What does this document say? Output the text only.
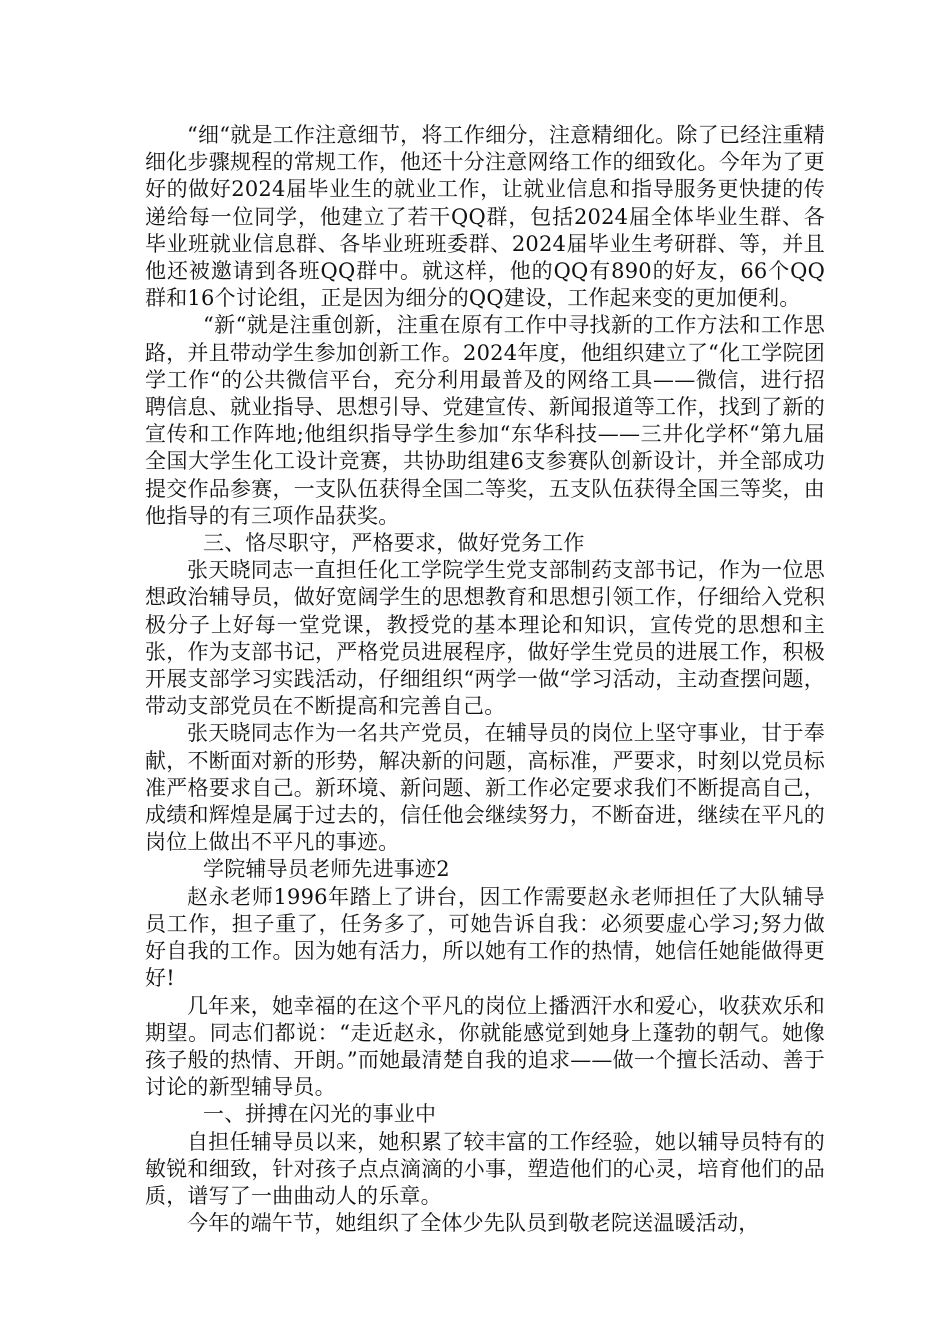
“细“就是工作注意细节，将工作细分，注意精细化。除了已经注重精细化步骤规程的常规工作，他还十分注意网络工作的细致化。今年为了更好的做好2024届毕业生的就业工作，让就业信息和指导服务更快捷的传递给每一位同学，他建立了若干QQ群，包括2024届全体毕业生群、各毕业班就业信息群、各毕业班班委群、2024届毕业生考研群、等，并且他还被邀请到各班QQ群中。就这样，他的QQ有890的好友，66个QQ群和16个讨论组，正是因为细分的QQ建设，工作起来变的更加便利。

“新“就是注重创新，注重在原有工作中寻找新的工作方法和工作思路，并且带动学生参加创新工作。2024年度，他组织建立了“化工学院团学工作“的公共微信平台，充分利用最普及的网络工具——微信，进行招聘信息、就业指导、思想引导、党建宣传、新闻报道等工作，找到了新的宣传和工作阵地;他组织指导学生参加“东华科技——三井化学杯“第九届全国大学生化工设计竞赛，共协助组建6支参赛队创新设计，并全部成功提交作品参赛，一支队伍获得全国二等奖，五支队伍获得全国三等奖，由他指导的有三项作品获奖。

三、恪尽职守，严格要求，做好党务工作

张天晓同志一直担任化工学院学生党支部制药支部书记，作为一位思想政治辅导员，做好宽阔学生的思想教育和思想引领工作，仔细给入党积极分子上好每一堂党课，教授党的基本理论和知识，宣传党的思想和主张，作为支部书记，严格党员进展程序，做好学生党员的进展工作，积极开展支部学习实践活动，仔细组织“两学一做“学习活动，主动查摆问题，带动支部党员在不断提高和完善自己。

张天晓同志作为一名共产党员，在辅导员的岗位上坚守事业，甘于奉献，不断面对新的形势，解决新的问题，高标准，严要求，时刻以党员标准严格要求自己。新环境、新问题、新工作必定要求我们不断提高自己，成绩和辉煌是属于过去的，信任他会继续努力，不断奋进，继续在平凡的岗位上做出不平凡的事迹。

学院辅导员老师先进事迹2

赵永老师1996年踏上了讲台，因工作需要赵永老师担任了大队辅导员工作，担子重了，任务多了，可她告诉自我：必须要虚心学习;努力做好自我的工作。因为她有活力，所以她有工作的热情，她信任她能做得更好!

几年来，她幸福的在这个平凡的岗位上播洒汗水和爱心，收获欢乐和期望。同志们都说：“走近赵永，你就能感觉到她身上蓬勃的朝气。她像孩子般的热情、开朗。”而她最清楚自我的追求——做一个擅长活动、善于讨论的新型辅导员。

一、拼搏在闪光的事业中

自担任辅导员以来，她积累了较丰富的工作经验，她以辅导员特有的敏锐和细致，针对孩子点点滴滴的小事，塑造他们的心灵，培育他们的品质，谱写了一曲曲动人的乐章。

今年的端午节，她组织了全体少先队员到敬老院送温暖活动，
